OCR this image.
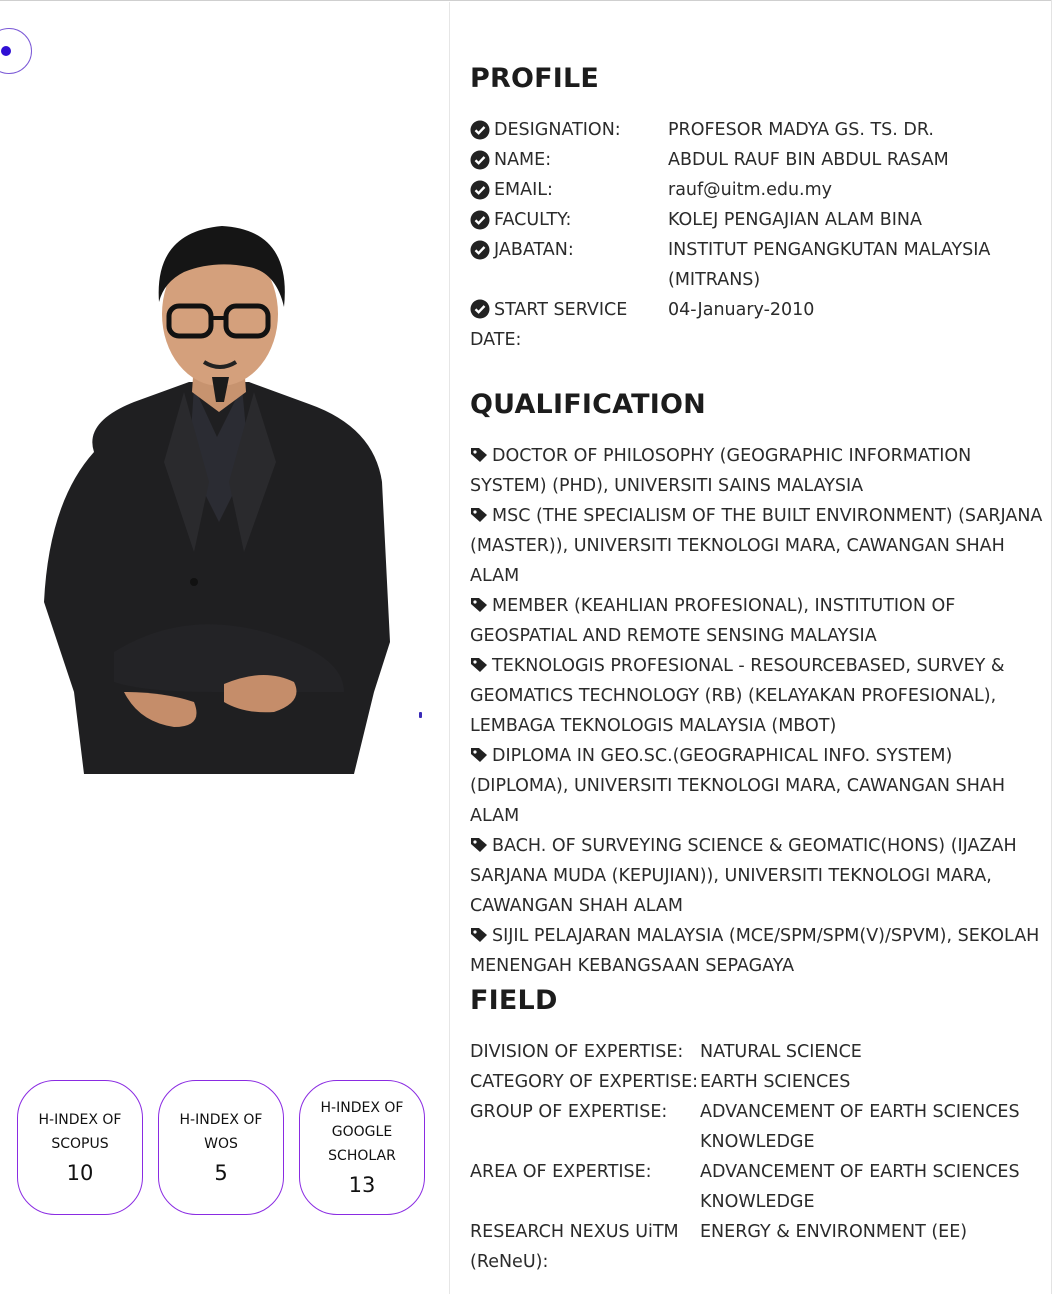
H-INDEX OF SCOPUS
10
H-INDEX OF WOS
5
H-INDEX OF GOOGLE SCHOLAR
13
PROFILE
DESIGNATION:	PROFESOR MADYA GS. TS. DR.
NAME:	ABDUL RAUF BIN ABDUL RASAM
EMAIL:	rauf@uitm.edu.my
FACULTY:	KOLEJ PENGAJIAN ALAM BINA
JABATAN:	INSTITUT PENGANGKUTAN MALAYSIA (MITRANS)
START SERVICE DATE:
04-January-2010
QUALIFICATION
DOCTOR OF PHILOSOPHY (GEOGRAPHIC INFORMATION SYSTEM) (PHD), UNIVERSITI SAINS MALAYSIA
MSC (THE SPECIALISM OF THE BUILT ENVIRONMENT) (SARJANA (MASTER)), UNIVERSITI TEKNOLOGI MARA, CAWANGAN SHAH ALAM
MEMBER (KEAHLIAN PROFESIONAL), INSTITUTION OF GEOSPATIAL AND REMOTE SENSING MALAYSIA
TEKNOLOGIS PROFESIONAL - RESOURCEBASED, SURVEY & GEOMATICS TECHNOLOGY (RB) (KELAYAKAN PROFESIONAL), LEMBAGA TEKNOLOGIS MALAYSIA (MBOT)
DIPLOMA IN GEO.SC.(GEOGRAPHICAL INFO. SYSTEM) (DIPLOMA), UNIVERSITI TEKNOLOGI MARA, CAWANGAN SHAH ALAM
BACH. OF SURVEYING SCIENCE & GEOMATIC(HONS) (IJAZAH SARJANA MUDA (KEPUJIAN)), UNIVERSITI TEKNOLOGI MARA, CAWANGAN SHAH ALAM
SIJIL PELAJARAN MALAYSIA (MCE/SPM/SPM(V)/SPVM), SEKOLAH MENENGAH KEBANGSAAN SEPAGAYA
FIELD
DIVISION OF EXPERTISE: NATURAL SCIENCE
CATEGORY OF EXPERTISE: EARTH SCIENCES
GROUP OF EXPERTISE:	ADVANCEMENT OF EARTH SCIENCES KNOWLEDGE
AREA OF EXPERTISE:	ADVANCEMENT OF EARTH SCIENCES KNOWLEDGE
RESEARCH NEXUS UiTM (ReNeU):
ENERGY & ENVIRONMENT (EE)
